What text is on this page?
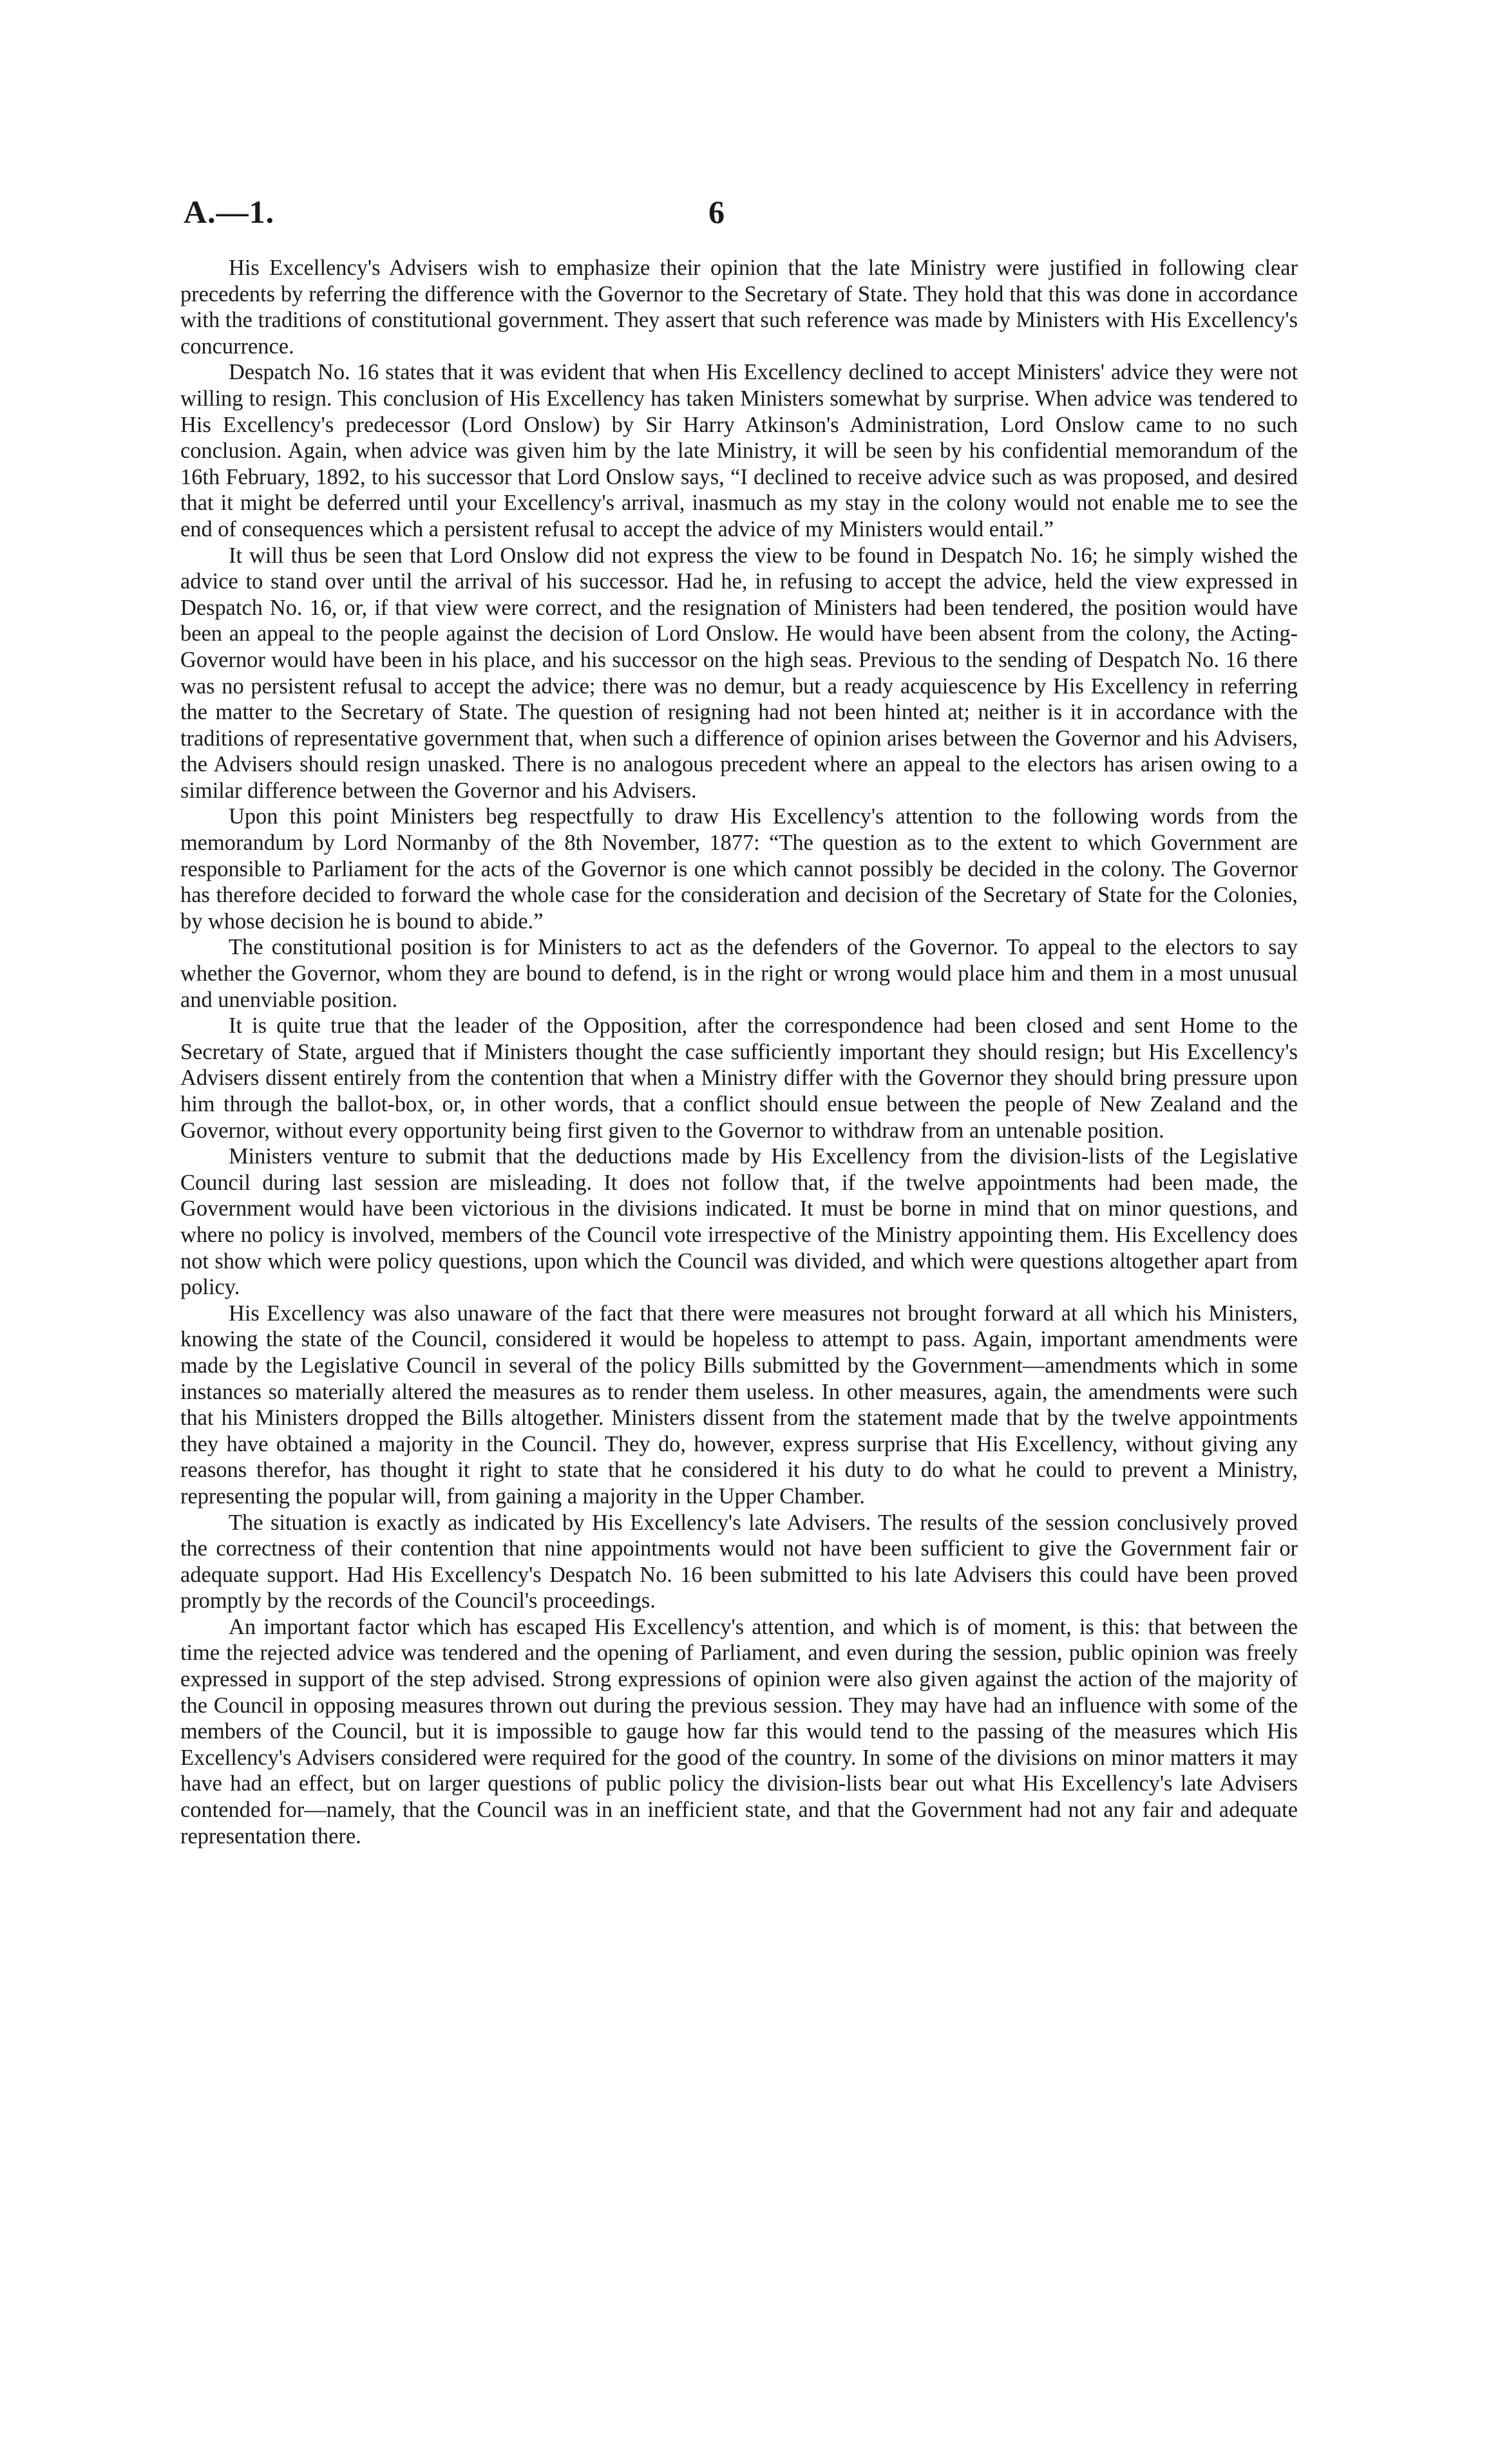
A.—1.	6

His Excellency's Advisers wish to emphasize their opinion that the late Ministry were justified in following clear precedents by referring the difference with the Governor to the Secretary of State. They hold that this was done in accordance with the traditions of constitutional government. They assert that such reference was made by Ministers with His Excellency's concurrence.

Despatch No. 16 states that it was evident that when His Excellency declined to accept Ministers' advice they were not willing to resign. This conclusion of His Excellency has taken Ministers somewhat by surprise. When advice was tendered to His Excellency's predecessor (Lord Onslow) by Sir Harry Atkinson's Administration, Lord Onslow came to no such conclusion. Again, when advice was given him by the late Ministry, it will be seen by his confidential memorandum of the 16th February, 1892, to his successor that Lord Onslow says, “I declined to receive advice such as was proposed, and desired that it might be deferred until your Excellency's arrival, inasmuch as my stay in the colony would not enable me to see the end of consequences which a persistent refusal to accept the advice of my Ministers would entail.”

It will thus be seen that Lord Onslow did not express the view to be found in Despatch No. 16; he simply wished the advice to stand over until the arrival of his successor. Had he, in refusing to accept the advice, held the view expressed in Despatch No. 16, or, if that view were correct, and the resignation of Ministers had been tendered, the position would have been an appeal to the people against the decision of Lord Onslow. He would have been absent from the colony, the Acting-Governor would have been in his place, and his successor on the high seas. Previous to the sending of Despatch No. 16 there was no persistent refusal to accept the advice; there was no demur, but a ready acquiescence by His Excellency in referring the matter to the Secretary of State. The question of resigning had not been hinted at; neither is it in accordance with the traditions of representative government that, when such a difference of opinion arises between the Governor and his Advisers, the Advisers should resign unasked. There is no analogous precedent where an appeal to the electors has arisen owing to a similar difference between the Governor and his Advisers.

Upon this point Ministers beg respectfully to draw His Excellency's attention to the following words from the memorandum by Lord Normanby of the 8th November, 1877: “The question as to the extent to which Government are responsible to Parliament for the acts of the Governor is one which cannot possibly be decided in the colony. The Governor has therefore decided to forward the whole case for the consideration and decision of the Secretary of State for the Colonies, by whose decision he is bound to abide.”

The constitutional position is for Ministers to act as the defenders of the Governor. To appeal to the electors to say whether the Governor, whom they are bound to defend, is in the right or wrong would place him and them in a most unusual and unenviable position.

It is quite true that the leader of the Opposition, after the correspondence had been closed and sent Home to the Secretary of State, argued that if Ministers thought the case sufficiently important they should resign; but His Excellency's Advisers dissent entirely from the contention that when a Ministry differ with the Governor they should bring pressure upon him through the ballot-box, or, in other words, that a conflict should ensue between the people of New Zealand and the Governor, without every opportunity being first given to the Governor to withdraw from an untenable position.

Ministers venture to submit that the deductions made by His Excellency from the division-lists of the Legislative Council during last session are misleading. It does not follow that, if the twelve appointments had been made, the Government would have been victorious in the divisions indicated. It must be borne in mind that on minor questions, and where no policy is involved, members of the Council vote irrespective of the Ministry appointing them. His Excellency does not show which were policy questions, upon which the Council was divided, and which were questions altogether apart from policy.

His Excellency was also unaware of the fact that there were measures not brought forward at all which his Ministers, knowing the state of the Council, considered it would be hopeless to attempt to pass. Again, important amendments were made by the Legislative Council in several of the policy Bills submitted by the Government—amendments which in some instances so materially altered the measures as to render them useless. In other measures, again, the amendments were such that his Ministers dropped the Bills altogether. Ministers dissent from the statement made that by the twelve appointments they have obtained a majority in the Council. They do, however, express surprise that His Excellency, without giving any reasons therefor, has thought it right to state that he considered it his duty to do what he could to prevent a Ministry, representing the popular will, from gaining a majority in the Upper Chamber.

The situation is exactly as indicated by His Excellency's late Advisers. The results of the session conclusively proved the correctness of their contention that nine appointments would not have been sufficient to give the Government fair or adequate support. Had His Excellency's Despatch No. 16 been submitted to his late Advisers this could have been proved promptly by the records of the Council's proceedings.

An important factor which has escaped His Excellency's attention, and which is of moment, is this: that between the time the rejected advice was tendered and the opening of Parliament, and even during the session, public opinion was freely expressed in support of the step advised. Strong expressions of opinion were also given against the action of the majority of the Council in opposing measures thrown out during the previous session. They may have had an influence with some of the members of the Council, but it is impossible to gauge how far this would tend to the passing of the measures which His Excellency's Advisers considered were required for the good of the country. In some of the divisions on minor matters it may have had an effect, but on larger questions of public policy the division-lists bear out what His Excellency's late Advisers contended for—namely, that the Council was in an inefficient state, and that the Government had not any fair and adequate representation there.
